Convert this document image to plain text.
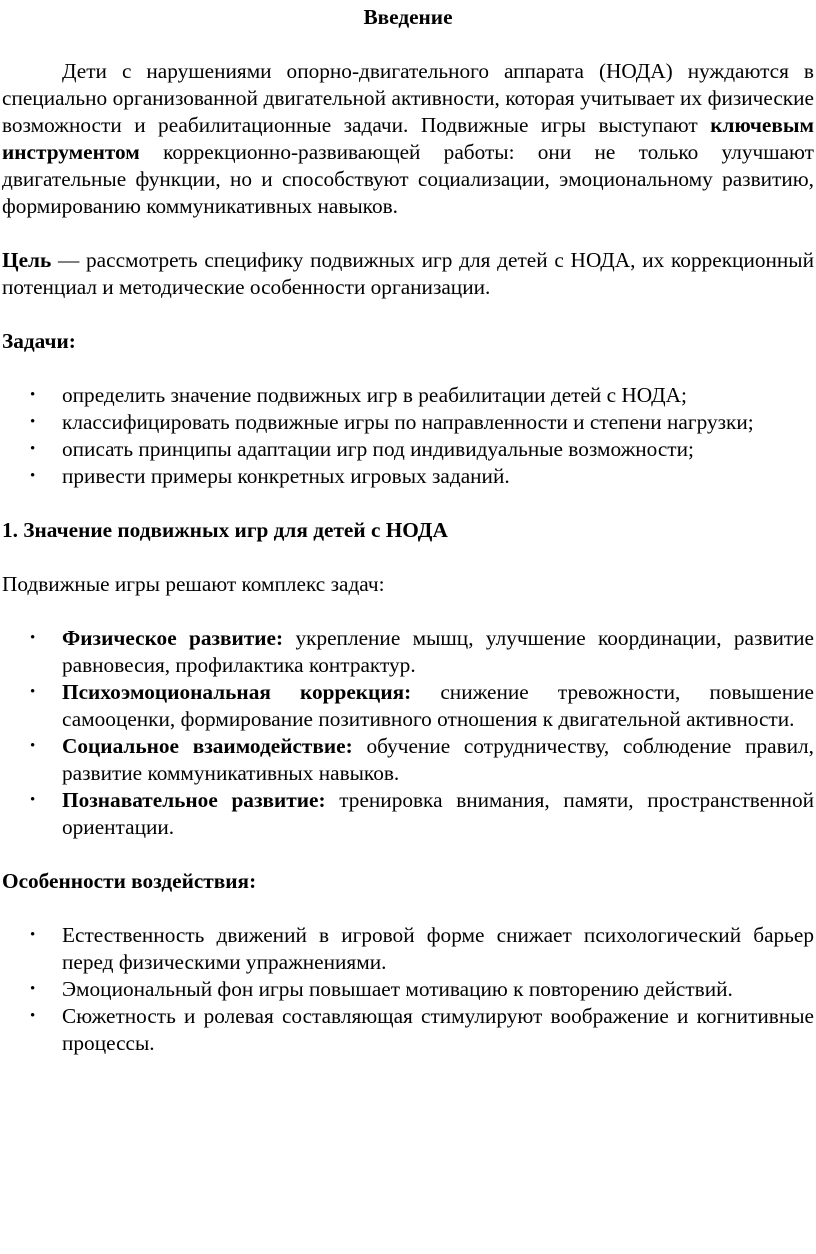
Введение

Дети с нарушениями опорно-двигательного аппарата (НОДА) нуждаются в специально организованной двигательной активности, которая учитывает их физические возможности и реабилитационные задачи. Подвижные игры выступают ключевым инструментом коррекционно-развивающей работы: они не только улучшают двигательные функции, но и способствуют социализации, эмоциональному развитию, формированию коммуникативных навыков.

Цель — рассмотреть специфику подвижных игр для детей с НОДА, их коррекционный потенциал и методические особенности организации.

Задачи:

• определить значение подвижных игр в реабилитации детей с НОДА;
• классифицировать подвижные игры по направленности и степени нагрузки;
• описать принципы адаптации игр под индивидуальные возможности;
• привести примеры конкретных игровых заданий.

1. Значение подвижных игр для детей с НОДА

Подвижные игры решают комплекс задач:

• Физическое развитие: укрепление мышц, улучшение координации, развитие равновесия, профилактика контрактур.
• Психоэмоциональная коррекция: снижение тревожности, повышение самооценки, формирование позитивного отношения к двигательной активности.
• Социальное взаимодействие: обучение сотрудничеству, соблюдение правил, развитие коммуникативных навыков.
• Познавательное развитие: тренировка внимания, памяти, пространственной ориентации.

Особенности воздействия:

• Естественность движений в игровой форме снижает психологический барьер перед физическими упражнениями.
• Эмоциональный фон игры повышает мотивацию к повторению действий.
• Сюжетность и ролевая составляющая стимулируют воображение и когнитивные процессы.
